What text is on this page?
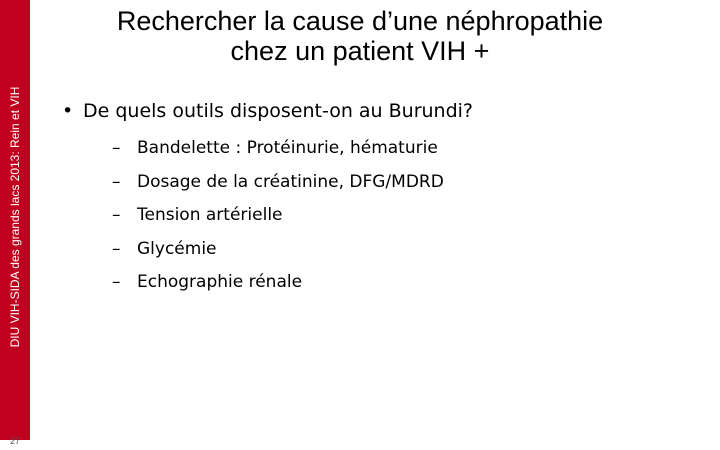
DIU VIH-SIDA des grands lacs 2013: Rein et VIH
27
Rechercher la cause d’une néphropathie
chez un patient VIH +
• De quels outils disposent-on au Burundi?
– Bandelette : Protéinurie, hématurie
– Dosage de la créatinine, DFG/MDRD
– Tension artérielle
– Glycémie
– Echographie rénale
